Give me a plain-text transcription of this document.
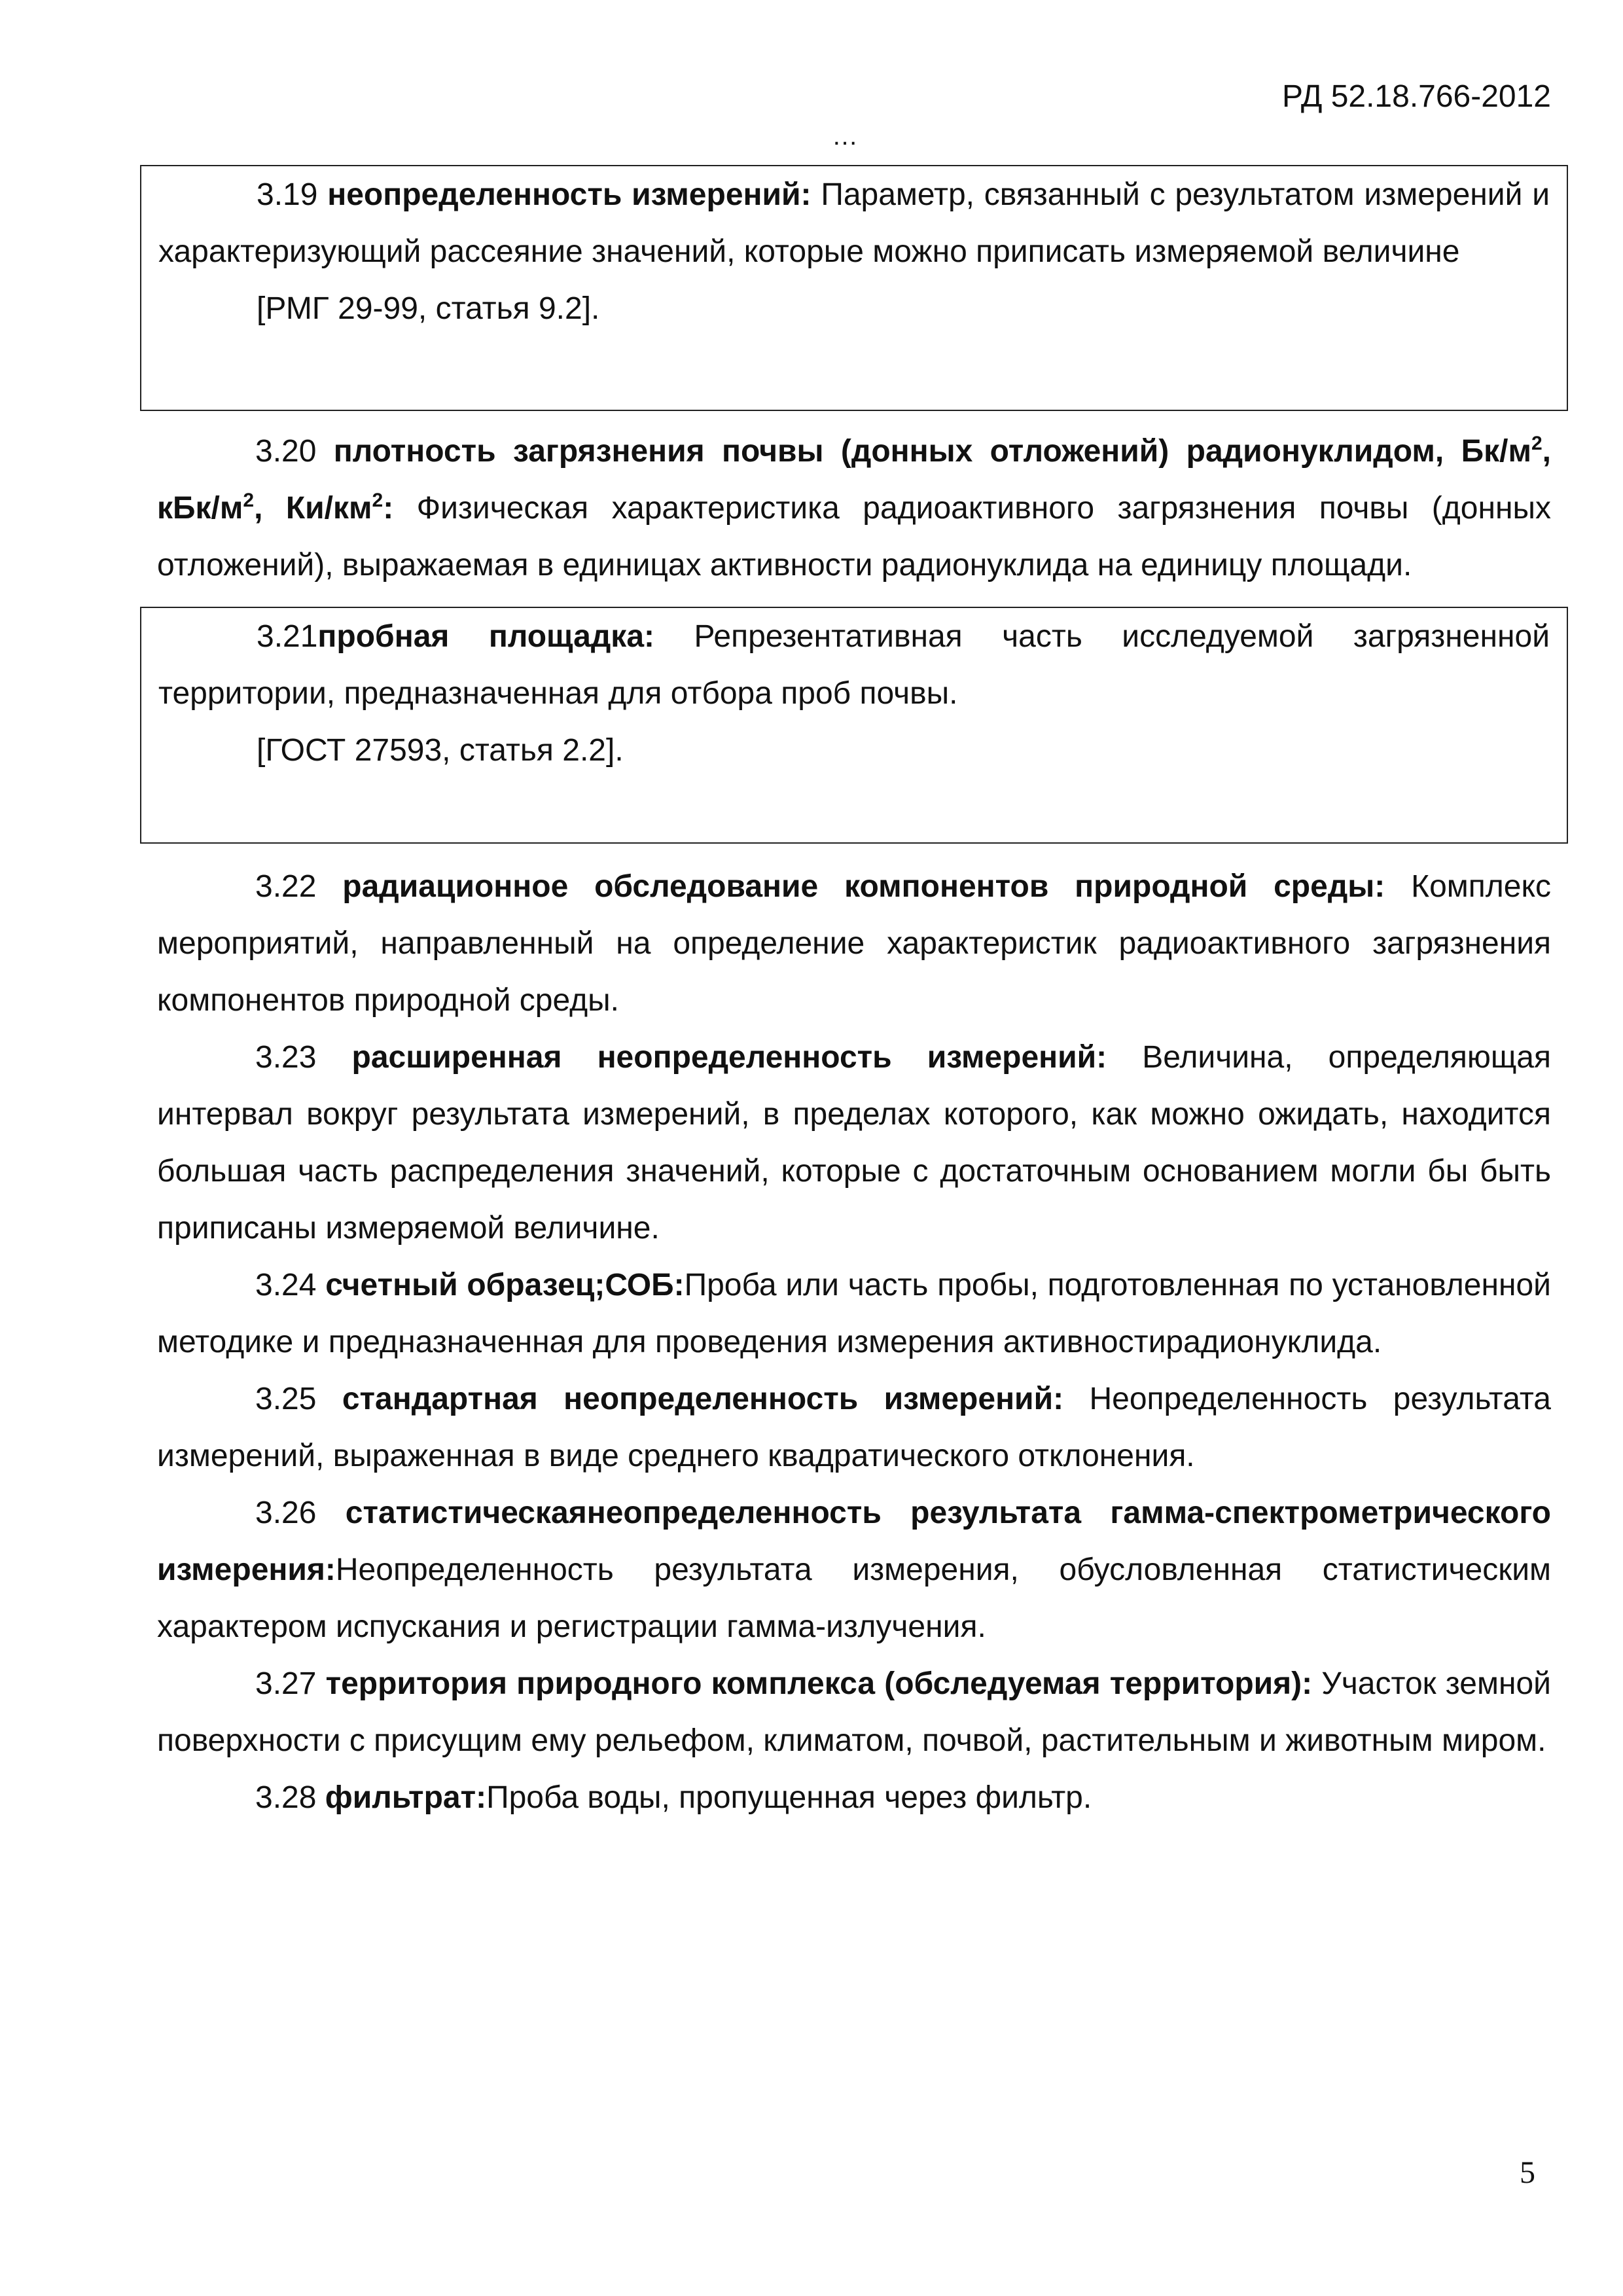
РД 52.18.766-2012
…

3.19 неопределенность измерений: Параметр, связанный с результатом измерений и характеризующий рассеяние значений, которые можно приписать измеряемой величине

[РМГ 29-99, статья 9.2].

3.20 плотность загрязнения почвы (донных отложений) радионуклидом, $Бк/м^2$, кБк/$м^2$, $Ки/км^2$: Физическая характеристика радиоактивного загрязнения почвы (донных отложений), выражаемая в единицах активности радионуклида на единицу площади.

3.21пробная площадка: Репрезентативная часть исследуемой загрязненной территории, предназначенная для отбора проб почвы.

[ГОСТ 27593, статья 2.2].

3.22 радиационное обследование компонентов природной среды: Комплекс мероприятий, направленный на определение характеристик радиоактивного загрязнения компонентов природной среды.

3.23 расширенная неопределенность измерений: Величина, определяющая интервал вокруг результата измерений, в пределах которого, как можно ожидать, находится большая часть распределения значений, которые с достаточным основанием могли бы быть приписаны измеряемой величине.

3.24 счетный образец;СОБ:Проба или часть пробы, подготовленная по установленной методике и предназначенная для проведения измерения активностирадионуклида.

3.25 стандартная неопределенность измерений: Неопределенность результата измерений, выраженная в виде среднего квадратического отклонения.

3.26 статистическаянеопределенность результата гамма-спектрометрического измерения:Неопределенность результата измерения, обусловленная статистическим характером испускания и регистрации гамма-излучения.

3.27 территория природного комплекса (обследуемая территория): Участок земной поверхности с присущим ему рельефом, климатом, почвой, растительным и животным миром.

3.28 фильтрат:Проба воды, пропущенная через фильтр.

5
